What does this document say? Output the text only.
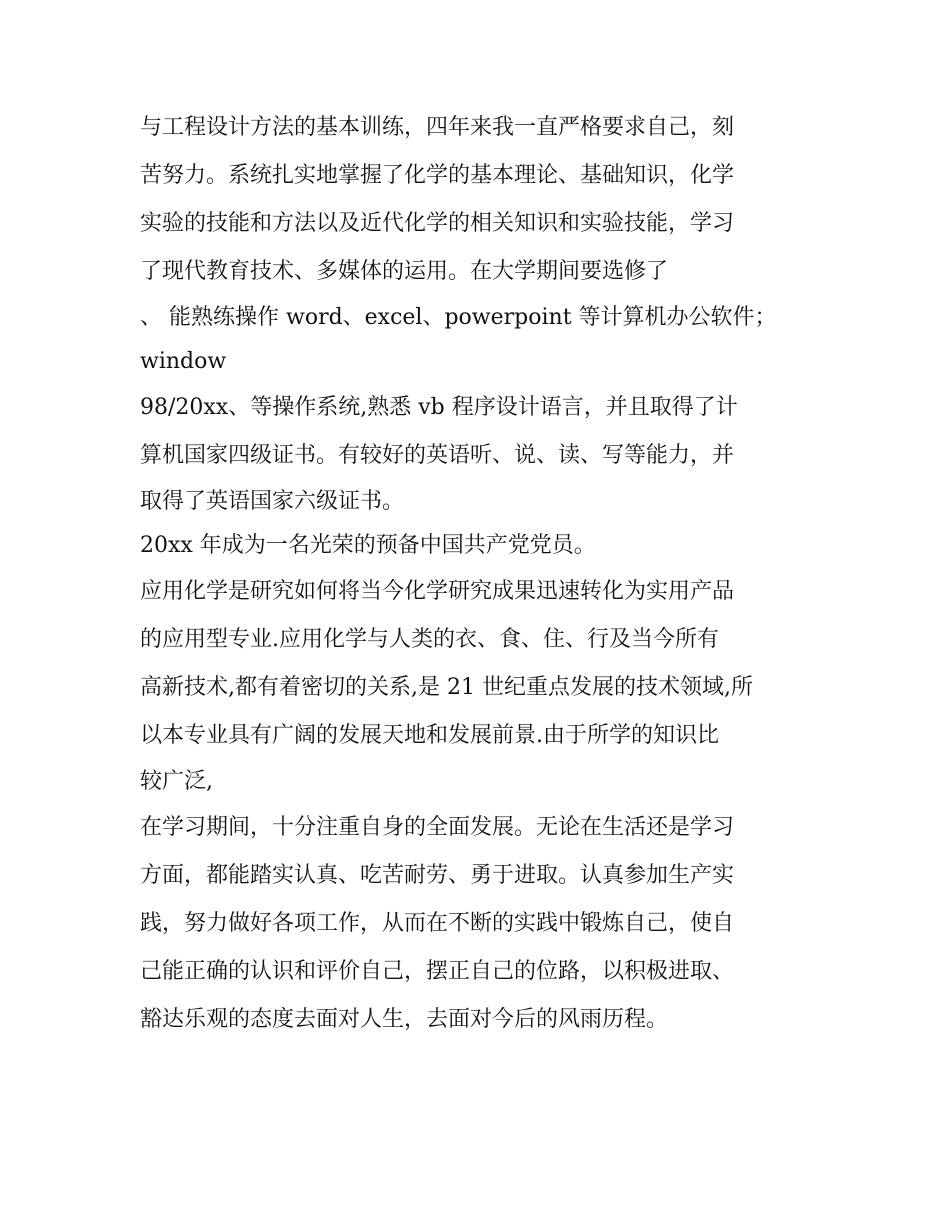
与工程设计方法的基本训练，四年来我一直严格要求自己，刻
苦努力。系统扎实地掌握了化学的基本理论、基础知识，化学
实验的技能和方法以及近代化学的相关知识和实验技能，学习
了现代教育技术、多媒体的运用。在大学期间要选修了
、 能熟练操作 word、excel、powerpoint 等计算机办公软件；
window
98/20xx、等操作系统,熟悉 vb 程序设计语言，并且取得了计
算机国家四级证书。有较好的英语听、说、读、写等能力，并
取得了英语国家六级证书。
20xx 年成为一名光荣的预备中国共产党党员。
应用化学是研究如何将当今化学研究成果迅速转化为实用产品
的应用型专业.应用化学与人类的衣、食、住、行及当今所有
高新技术,都有着密切的关系,是 21 世纪重点发展的技术领域,所
以本专业具有广阔的发展天地和发展前景.由于所学的知识比
较广泛,
在学习期间，十分注重自身的全面发展。无论在生活还是学习
方面，都能踏实认真、吃苦耐劳、勇于进取。认真参加生产实
践，努力做好各项工作，从而在不断的实践中锻炼自己，使自
己能正确的认识和评价自己，摆正自己的位路，以积极进取、
豁达乐观的态度去面对人生，去面对今后的风雨历程。
